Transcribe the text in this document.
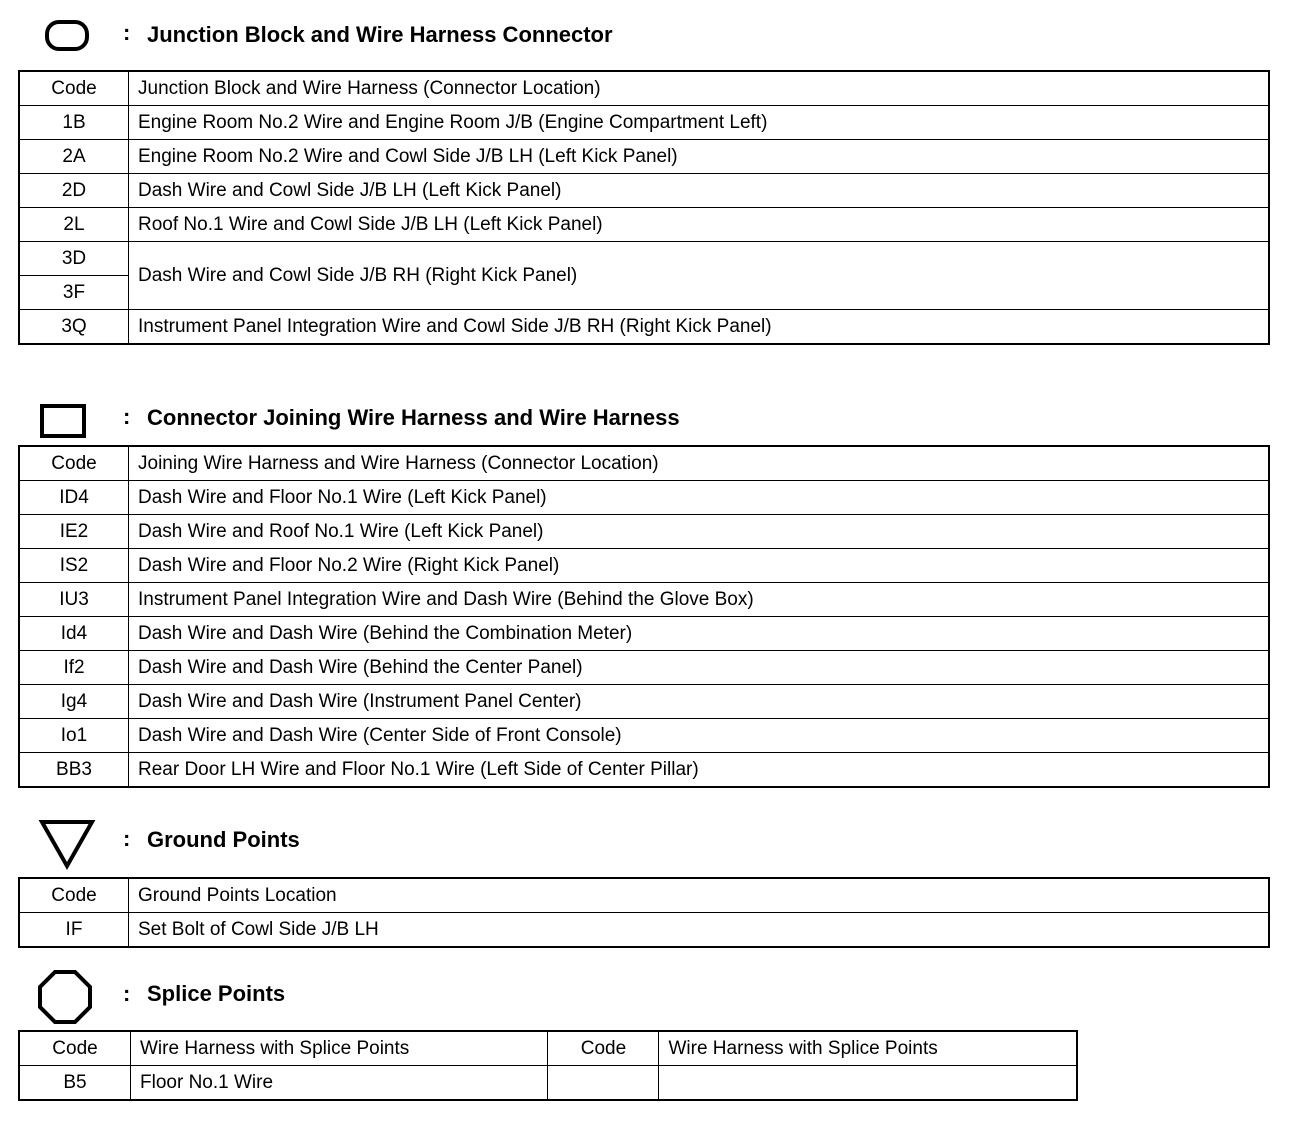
: Junction Block and Wire Harness Connector
Code	Junction Block and Wire Harness (Connector Location)
1B	Engine Room No.2 Wire and Engine Room J/B (Engine Compartment Left)
2A	Engine Room No.2 Wire and Cowl Side J/B LH (Left Kick Panel)
2D	Dash Wire and Cowl Side J/B LH (Left Kick Panel)
2L	Roof No.1 Wire and Cowl Side J/B LH (Left Kick Panel)
3D	Dash Wire and Cowl Side J/B RH (Right Kick Panel)
3F	
3Q	Instrument Panel Integration Wire and Cowl Side J/B RH (Right Kick Panel)
: Connector Joining Wire Harness and Wire Harness
Code	Joining Wire Harness and Wire Harness (Connector Location)
ID4	Dash Wire and Floor No.1 Wire (Left Kick Panel)
IE2	Dash Wire and Roof No.1 Wire (Left Kick Panel)
IS2	Dash Wire and Floor No.2 Wire (Right Kick Panel)
IU3	Instrument Panel Integration Wire and Dash Wire (Behind the Glove Box)
Id4	Dash Wire and Dash Wire (Behind the Combination Meter)
If2	Dash Wire and Dash Wire (Behind the Center Panel)
Ig4	Dash Wire and Dash Wire (Instrument Panel Center)
Io1	Dash Wire and Dash Wire (Center Side of Front Console)
BB3	Rear Door LH Wire and Floor No.1 Wire (Left Side of Center Pillar)
: Ground Points
Code	Ground Points Location
IF	Set Bolt of Cowl Side J/B LH
: Splice Points
Code	Wire Harness with Splice Points	Code	Wire Harness with Splice Points
B5	Floor No.1 Wire		
